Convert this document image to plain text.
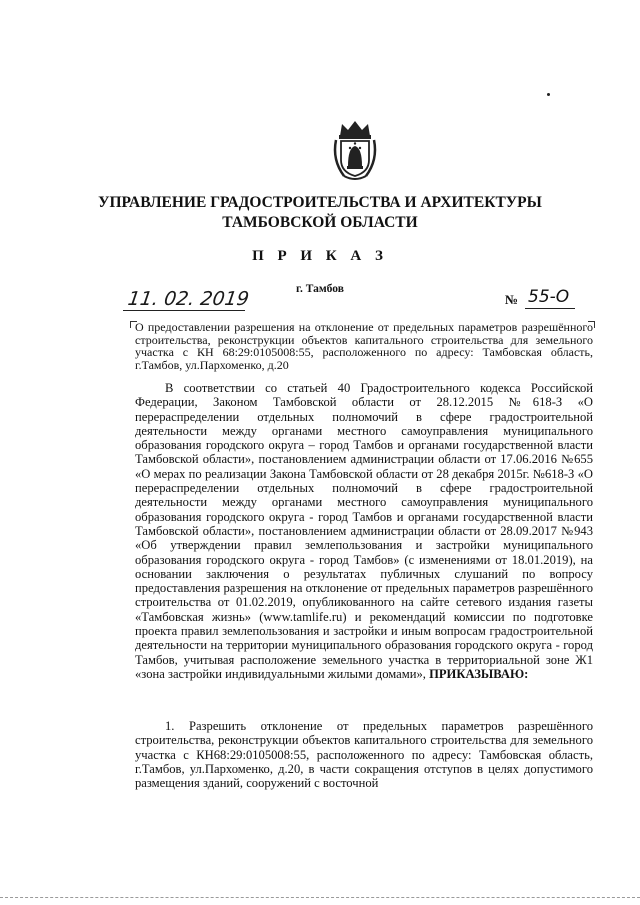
УПРАВЛЕНИЕ ГРАДОСТРОИТЕЛЬСТВА И АРХИТЕКТУРЫ
ТАМБОВСКОЙ ОБЛАСТИ
П Р И К А З
г. Тамбов
11. 02. 2019	№ 55-О
О предоставлении разрешения на отклонение от предельных параметров разрешённого строительства, реконструкции объектов капитального строительства для земельного участка с КН 68:29:0105008:55, расположенного по адресу: Тамбовская область, г.Тамбов, ул.Пархоменко, д.20

В соответствии со статьей 40 Градостроительного кодекса Российской Федерации, Законом Тамбовской области от 28.12.2015 №618-З «О перераспределении отдельных полномочий в сфере градостроительной деятельности между органами местного самоуправления муниципального образования городского округа – город Тамбов и органами государственной власти Тамбовской области», постановлением администрации области от 17.06.2016 №655 «О мерах по реализации Закона Тамбовской области от 28 декабря 2015г. №618-З «О перераспределении отдельных полномочий в сфере градостроительной деятельности между органами местного самоуправления муниципального образования городского округа - город Тамбов и органами государственной власти Тамбовской области», постановлением администрации области от 28.09.2017 №943 «Об утверждении правил землепользования и застройки муниципального образования городского округа - город Тамбов» (с изменениями от 18.01.2019), на основании заключения о результатах публичных слушаний по вопросу предоставления разрешения на отклонение от предельных параметров разрешённого строительства от 01.02.2019, опубликованного на сайте сетевого издания газеты «Тамбовская жизнь» (www.tamlife.ru) и рекомендаций комиссии по подготовке проекта правил землепользования и застройки и иным вопросам градостроительной деятельности на территории муниципального образования городского округа - город Тамбов, учитывая расположение земельного участка в территориальной зоне Ж1 «зона застройки индивидуальными жилыми домами», ПРИКАЗЫВАЮ:

1. Разрешить отклонение от предельных параметров разрешённого строительства, реконструкции объектов капитального строительства для земельного участка с КН68:29:0105008:55, расположенного по адресу: Тамбовская область, г.Тамбов, ул.Пархоменко, д.20, в части сокращения отступов в целях допустимого размещения зданий, сооружений с восточной
